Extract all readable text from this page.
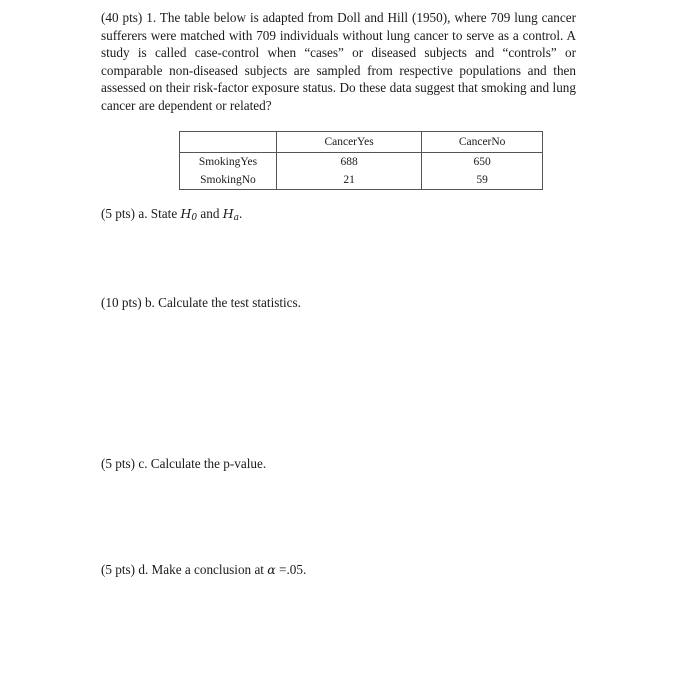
(40 pts) 1. The table below is adapted from Doll and Hill (1950), where 709 lung cancer sufferers were matched with 709 individuals without lung cancer to serve as a control. A study is called case-control when “cases” or diseased subjects and “controls” or comparable non-diseased subjects are sampled from respective populations and then assessed on their risk-factor exposure status. Do these data suggest that smoking and lung cancer are dependent or related?

	CancerYes	CancerNo
SmokingYes	688	650
SmokingNo	21	59

(5 pts) a. State $H_0$ and $H_a$.

(10 pts) b. Calculate the test statistics.

(5 pts) c. Calculate the p-value.

(5 pts) d. Make a conclusion at α =.05.
